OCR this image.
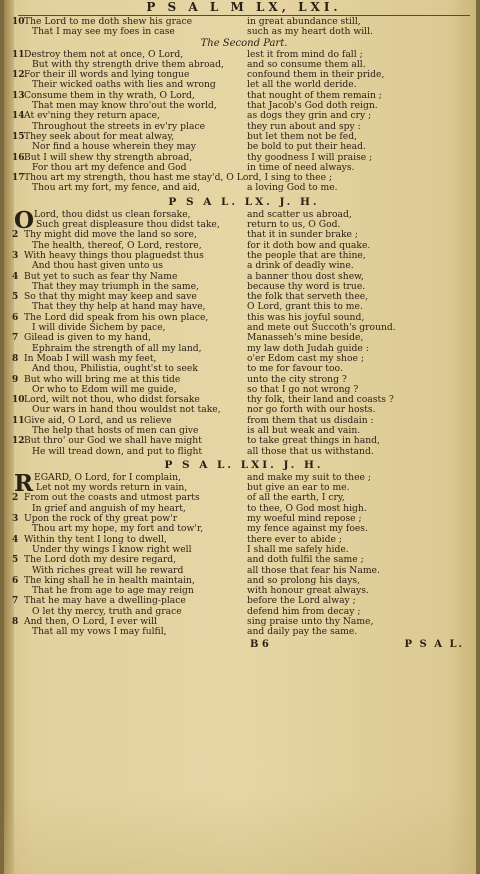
P S A L M LX, LXI.
10 The Lord to me doth shew his grace	in great abundance still,
That I may see my foes in case	such as my heart doth will.
The Second Part.
11 Destroy them not at once, O Lord,	lest it from mind do fall ;
But with thy strength drive them abroad,	and so consume them all.
12 For their ill words and lying tongue	confound them in their pride,
Their wicked oaths with lies and wrong	let all the world deride.
13 Consume them in thy wrath, O Lord,	that nought of them remain ;
That men may know thro'out the world,	that Jacob's God doth reign.
14 At ev'ning they return apace,	as dogs they grin and cry ;
Throughout the streets in ev'ry place	they run about and spy :
15 They seek about for meat alway,	but let them not be fed,
Nor find a house wherein they may	be bold to put their head.
16 But I will shew thy strength abroad,	thy goodness I will praise ;
For thou art my defence and God	in time of need always.
17 Thou art my strength, thou hast me stay'd, O Lord, I sing to thee ;
Thou art my fort, my fence, and aid,	a loving God to me.
P S A L. LX. J. H.
O Lord, thou didst us clean forsake,	and scatter us abroad,
Such great displeasure thou didst take,	return to us, O God.
2 Thy might did move the land so sore,	that it in sunder brake ;
The health, thereof, O Lord, restore,	for it doth bow and quake.
3 With heavy things thou plaguedst thus	the people that are thine,
And thou hast given unto us	a drink of deadly wine.
4 But yet to such as fear thy Name	a banner thou dost shew,
That they may triumph in the same,	because thy word is true.
5 So that thy might may keep and save	the folk that serveth thee,
That they thy help at hand may have,	O Lord, grant this to me.
6 The Lord did speak from his own place,	this was his joyful sound,
I will divide Sichem by pace,	and mete out Succoth's ground.
7 Gilead is given to my hand,	Manasseh's mine beside,
Ephraim the strength of all my land,	my law doth Judah guide :
8 In Moab I will wash my feet,	o'er Edom cast my shoe ;
And thou, Philistia, ought'st to seek	to me for favour too.
9 But who will bring me at this tide	unto the city strong ?
Or who to Edom will me guide,	so that I go not wrong ?
10 Lord, wilt not thou, who didst forsake	thy folk, their land and coasts ?
Our wars in hand thou wouldst not take,	nor go forth with our hosts.
11 Give aid, O Lord, and us relieve	from them that us disdain :
The help that hosts of men can give	is all but weak and vain.
12 But thro' our God we shall have might	to take great things in hand,
He will tread down, and put to flight	all those that us withstand.
P S A L. LXI. J. H.
R EGARD, O Lord, for I complain,	and make my suit to thee ;
Let not my words return in vain,	but give an ear to me.
2 From out the coasts and utmost parts	of all the earth, I cry,
In grief and anguish of my heart,	to thee, O God most high.
3 Upon the rock of thy great pow'r	my woeful mind repose ;
Thou art my hope, my fort and tow'r,	my fence against my foes.
4 Within thy tent I long to dwell,	there ever to abide ;
Under thy wings I know right well	I shall me safely hide.
5 The Lord doth my desire regard,	and doth fulfil the same ;
With riches great will he reward	all those that fear his Name.
6 The king shall he in health maintain,	and so prolong his days,
That he from age to age may reign	with honour great always.
7 That he may have a dwelling-place	before the Lord alway ;
O let thy mercy, truth and grace	defend him from decay ;
8 And then, O Lord, I ever will	sing praise unto thy Name,
That all my vows I may fulfil,	and daily pay the same.
B 6	P S A L.
